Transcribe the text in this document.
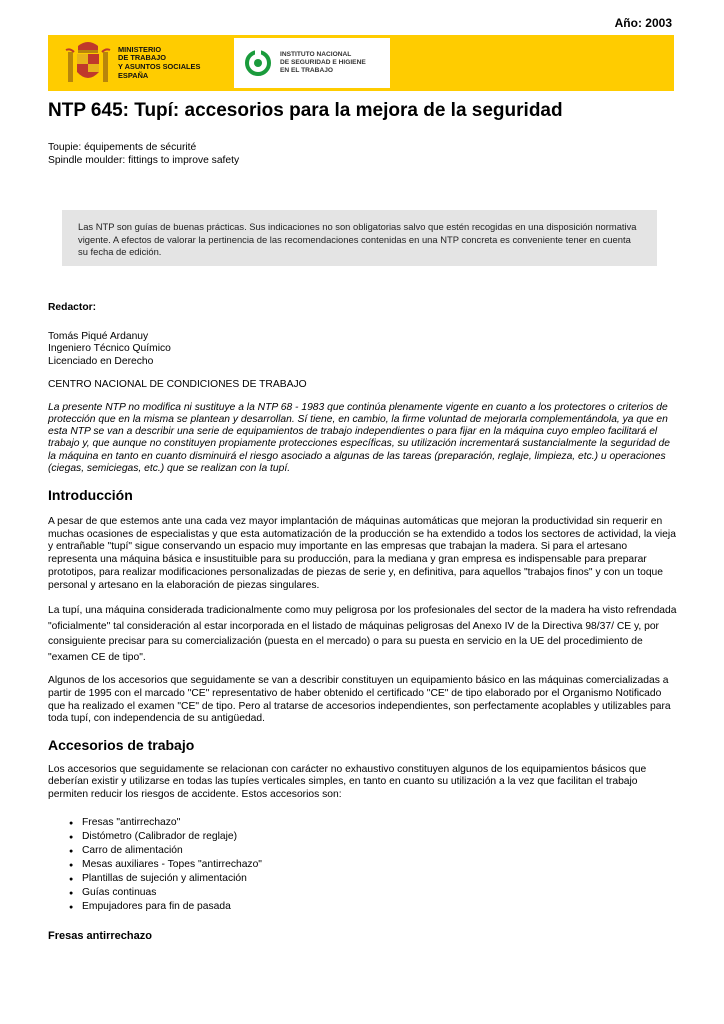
Año: 2003
MINISTERIO
DE TRABAJO
Y ASUNTOS SOCIALES
ESPAÑA
INSTITUTO NACIONAL
DE SEGURIDAD E HIGIENE
EN EL TRABAJO
NTP 645: Tupí: accesorios para la mejora de la seguridad
Toupie: équipements de sécurité
Spindle moulder: fittings to improve safety
Las NTP son guías de buenas prácticas. Sus indicaciones no son obligatorias salvo que estén recogidas en una disposición normativa vigente. A efectos de valorar la pertinencia de las recomendaciones contenidas en una NTP concreta es conveniente tener en cuenta su fecha de edición.

Redactor:

Tomás Piqué Ardanuy

Ingeniero Técnico Químico

Licenciado en Derecho

CENTRO NACIONAL DE CONDICIONES DE TRABAJO

La presente NTP no modifica ni sustituye a la NTP 68 - 1983 que continúa plenamente vigente en cuanto a los protectores o criterios de protección que en la misma se plantean y desarrollan. Sí tiene, en cambio, la firme voluntad de mejorarla complementándola, ya que en esta NTP se van a describir una serie de equipamientos de trabajo independientes o para fijar en la máquina cuyo empleo facilitará el trabajo y, que aunque no constituyen propiamente protecciones específicas, su utilización incrementará sustancialmente la seguridad de la máquina en tanto en cuanto disminuirá el riesgo asociado a algunas de las tareas (preparación, reglaje, limpieza, etc.) u operaciones (ciegas, semiciegas, etc.) que se realizan con la tupí.

Introducción

A pesar de que estemos ante una cada vez mayor implantación de máquinas automáticas que mejoran la productividad sin requerir en muchas ocasiones de especialistas y que esta automatización de la producción se ha extendido a todos los sectores de actividad, la vieja y entrañable "tupí" sigue conservando un espacio muy importante en las empresas que trabajan la madera. Si para el artesano representa una máquina básica e insustituible para su producción, para la mediana y gran empresa es indispensable para preparar prototipos, para realizar modificaciones personalizadas de piezas de serie y, en definitiva, para aquellos "trabajos finos" y con un toque personal y artesano en la elaboración de piezas singulares.

La tupí, una máquina considerada tradicionalmente como muy peligrosa por los profesionales del sector de la madera ha visto refrendada "oficialmente" tal consideración al estar incorporada en el listado de máquinas peligrosas del Anexo IV de la Directiva 98/37/ CE y, por consiguiente precisar para su comercialización (puesta en el mercado) o para su puesta en servicio en la UE del procedimiento de "examen CE de tipo".

Algunos de los accesorios que seguidamente se van a describir constituyen un equipamiento básico en las máquinas comercializadas a partir de 1995 con el marcado "CE" representativo de haber obtenido el certificado "CE" de tipo elaborado por el Organismo Notificado que ha realizado el examen "CE" de tipo. Pero al tratarse de accesorios independientes, son perfectamente acoplables y utilizables para toda tupí, con independencia de su antigüedad.

Accesorios de trabajo

Los accesorios que seguidamente se relacionan con carácter no exhaustivo constituyen algunos de los equipamientos básicos que deberían existir y utilizarse en todas las tupíes verticales simples, en tanto en cuanto su utilización a la vez que facilitan el trabajo permiten reducir los riesgos de accidente. Estos accesorios son:

● Fresas "antirrechazo"
● Distómetro (Calibrador de reglaje)
● Carro de alimentación
● Mesas auxiliares - Topes "antirrechazo"
● Plantillas de sujeción y alimentación
● Guías continuas
● Empujadores para fin de pasada
Fresas antirrechazo
